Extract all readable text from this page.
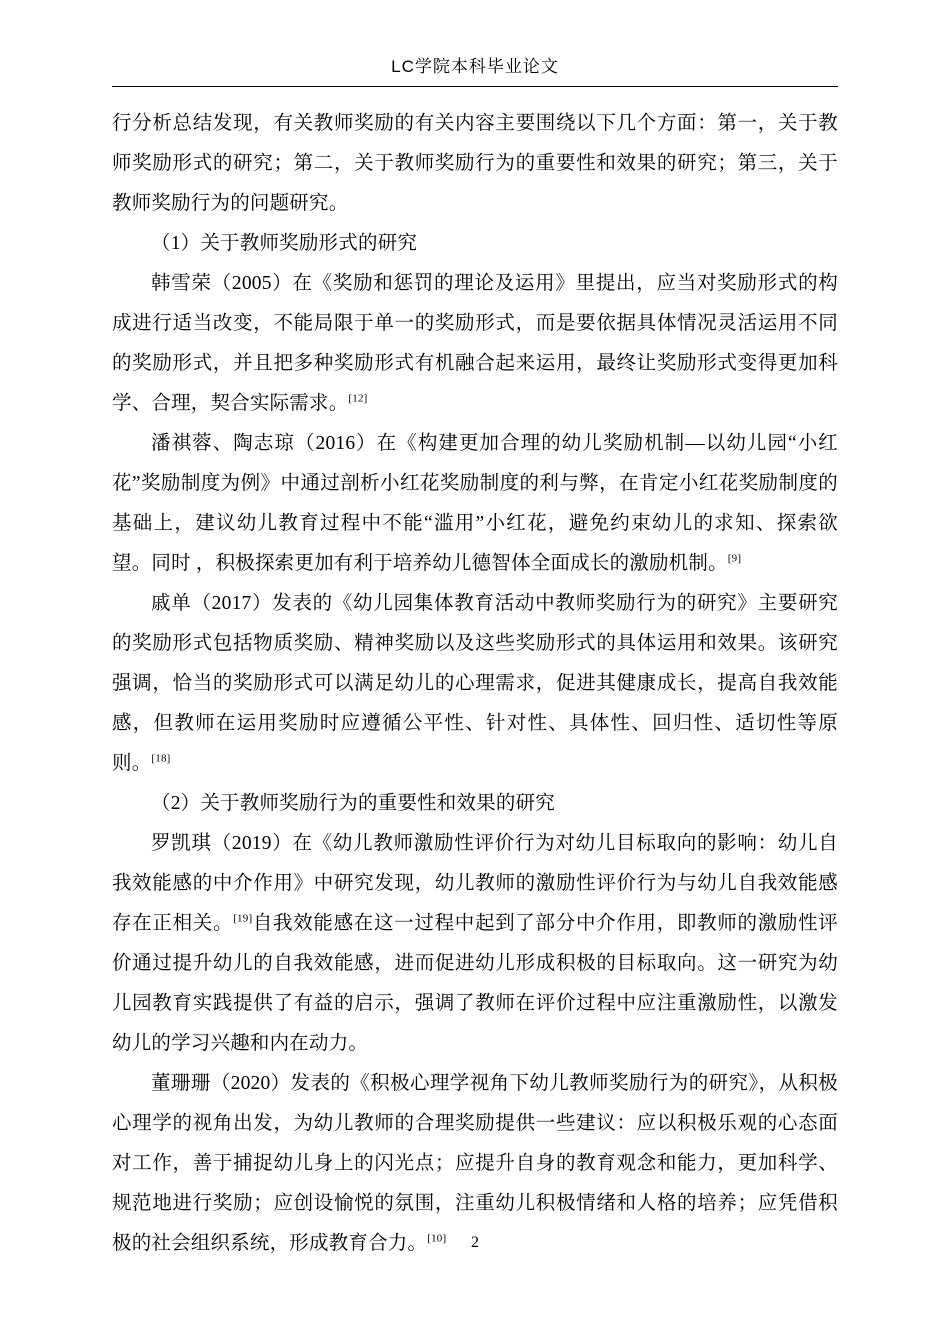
LC学院本科毕业论文

行分析总结发现，有关教师奖励的有关内容主要围绕以下几个方面：第一，关于教师奖励形式的研究；第二，关于教师奖励行为的重要性和效果的研究；第三，关于教师奖励行为的问题研究。

（1）关于教师奖励形式的研究

韩雪荣（2005）在《奖励和惩罚的理论及运用》里提出，应当对奖励形式的构成进行适当改变，不能局限于单一的奖励形式，而是要依据具体情况灵活运用不同的奖励形式，并且把多种奖励形式有机融合起来运用，最终让奖励形式变得更加科学、合理，契合实际需求。[12]

潘祺蓉、陶志琼（2016）在《构建更加合理的幼儿奖励机制—以幼儿园“小红花”奖励制度为例》中通过剖析小红花奖励制度的利与弊，在肯定小红花奖励制度的基础上，建议幼儿教育过程中不能“滥用”小红花，避免约束幼儿的求知、探索欲望。同时 ，积极探索更加有利于培养幼儿德智体全面成长的激励机制。[9]

戚单（2017）发表的《幼儿园集体教育活动中教师奖励行为的研究》主要研究的奖励形式包括物质奖励、精神奖励以及这些奖励形式的具体运用和效果。该研究强调，恰当的奖励形式可以满足幼儿的心理需求，促进其健康成长，提高自我效能感，但教师在运用奖励时应遵循公平性、针对性、具体性、回归性、适切性等原则。[18]

（2）关于教师奖励行为的重要性和效果的研究

罗凯琪（2019）在《幼儿教师激励性评价行为对幼儿目标取向的影响：幼儿自我效能感的中介作用》中研究发现，幼儿教师的激励性评价行为与幼儿自我效能感存在正相关。[19]自我效能感在这一过程中起到了部分中介作用，即教师的激励性评价通过提升幼儿的自我效能感，进而促进幼儿形成积极的目标取向。这一研究为幼儿园教育实践提供了有益的启示，强调了教师在评价过程中应注重激励性，以激发幼儿的学习兴趣和内在动力。

董珊珊（2020）发表的《积极心理学视角下幼儿教师奖励行为的研究》，从积极心理学的视角出发，为幼儿教师的合理奖励提供一些建议：应以积极乐观的心态面对工作，善于捕捉幼儿身上的闪光点；应提升自身的教育观念和能力，更加科学、规范地进行奖励；应创设愉悦的氛围，注重幼儿积极情绪和人格的培养；应凭借积极的社会组织系统，形成教育合力。[10]	2
